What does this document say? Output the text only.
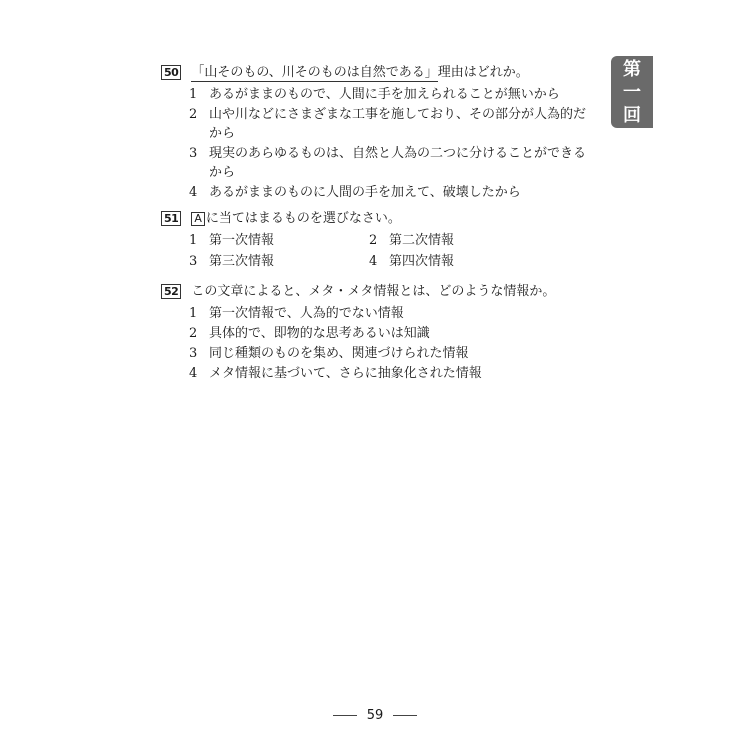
第
一
回
50 「山そのもの、川そのものは自然である」理由はどれか。
1 あるがままのもので、人間に手を加えられることが無いから
2 山や川などにさまざまな工事を施しており、その部分が人為的だから
3 現実のあらゆるものは、自然と人為の二つに分けることができるから
4 あるがままのものに人間の手を加えて、破壊したから
51 A に当てはまるものを選びなさい。
1 第一次情報	2 第二次情報
3 第三次情報	4 第四次情報
52 この文章によると、メタ・メタ情報とは、どのような情報か。
1 第一次情報で、人為的でない情報
2 具体的で、即物的な思考あるいは知識
3 同じ種類のものを集め、関連づけられた情報
4 メタ情報に基づいて、さらに抽象化された情報
59
